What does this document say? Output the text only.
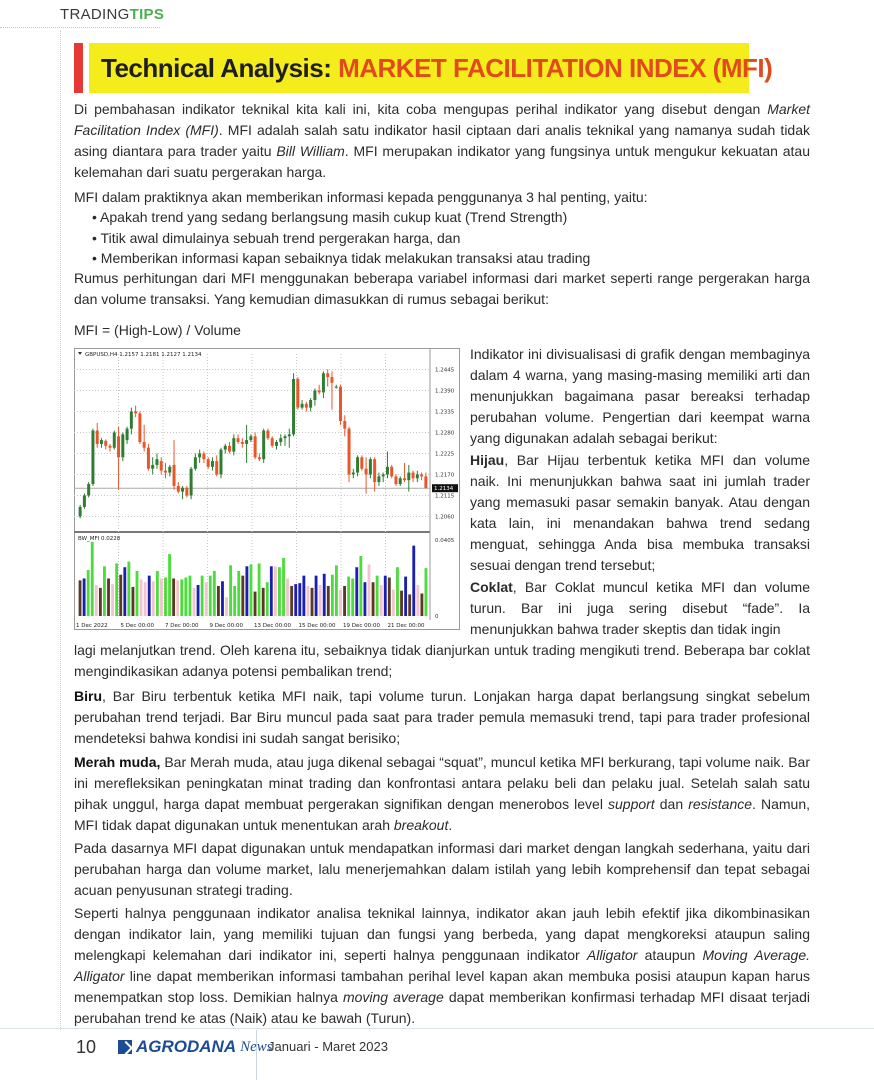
TRADINGTIPS
Technical Analysis: MARKET FACILITATION INDEX (MFI)
Di pembahasan indikator teknikal kita kali ini, kita coba mengupas perihal indikator yang disebut dengan Market Facilitation Index (MFI). MFI adalah salah satu indikator hasil ciptaan dari analis teknikal yang namanya sudah tidak asing diantara para trader yaitu Bill William. MFI merupakan indikator yang fungsinya untuk mengukur kekuatan atau kelemahan dari suatu pergerakan harga.
MFI dalam praktiknya akan memberikan informasi kepada penggunanya 3 hal penting, yaitu:
• Apakah trend yang sedang berlangsung masih cukup kuat (Trend Strength)
• Titik awal dimulainya sebuah trend pergerakan harga, dan
• Memberikan informasi kapan sebaiknya tidak melakukan transaksi atau trading
Rumus perhitungan dari MFI menggunakan beberapa variabel informasi dari market seperti range pergerakan harga dan volume transaksi. Yang kemudian dimasukkan di rumus sebagai berikut:
MFI = (High-Low) / Volume
1.2445
1.2390
1.2335
1.2280
1.2225
1.2170
1.2115
1.2060
1.2134
GBPUSD,H4 1.2157 1.2181 1.2127 1.2134
BW_MFI 0.0228	0.0405
0
1 Dec 2022 5 Dec 00:00 7 Dec 00:00 9 Dec 00:00 13 Dec 00:00 15 Dec 00:00 19 Dec 00:00 21 Dec 00:00
Indikator ini divisualisasi di grafik dengan membaginya dalam 4 warna, yang masing-masing memiliki arti dan menunjukkan bagaimana pasar bereaksi terhadap perubahan volume. Pengertian dari keempat warna yang digunakan adalah sebagai berikut:
Hijau, Bar Hijau terbentuk ketika MFI dan volume naik. Ini menunjukkan bahwa saat ini jumlah trader yang memasuki pasar semakin banyak. Atau dengan kata lain, ini menandakan bahwa trend sedang menguat, sehingga Anda bisa membuka transaksi sesuai dengan trend tersebut;
Coklat, Bar Coklat muncul ketika MFI dan volume turun. Bar ini juga sering disebut “fade”. Ia menunjukkan bahwa trader skeptis dan tidak ingin
lagi melanjutkan trend. Oleh karena itu, sebaiknya tidak dianjurkan untuk trading mengikuti trend. Beberapa bar coklat mengindikasikan adanya potensi pembalikan trend;
Biru, Bar Biru terbentuk ketika MFI naik, tapi volume turun. Lonjakan harga dapat berlangsung singkat sebelum perubahan trend terjadi. Bar Biru muncul pada saat para trader pemula memasuki trend, tapi para trader profesional mendeteksi bahwa kondisi ini sudah sangat berisiko;
Merah muda, Bar Merah muda, atau juga dikenal sebagai “squat”, muncul ketika MFI berkurang, tapi volume naik. Bar ini merefleksikan peningkatan minat trading dan konfrontasi antara pelaku beli dan pelaku jual. Setelah salah satu pihak unggul, harga dapat membuat pergerakan signifikan dengan menerobos level support dan resistance. Namun, MFI tidak dapat digunakan untuk menentukan arah breakout.
Pada dasarnya MFI dapat digunakan untuk mendapatkan informasi dari market dengan langkah sederhana, yaitu dari perubahan harga dan volume market, lalu menerjemahkan dalam istilah yang lebih komprehensif dan tepat sebagai acuan penyusunan strategi trading.
Seperti halnya penggunaan indikator analisa teknikal lainnya, indikator akan jauh lebih efektif jika dikombinasikan dengan indikator lain, yang memiliki tujuan dan fungsi yang berbeda, yang dapat mengkoreksi ataupun saling melengkapi kelemahan dari indikator ini, seperti halnya penggunaan indikator Alligator ataupun Moving Average. Alligator line dapat memberikan informasi tambahan perihal level kapan akan membuka posisi ataupun kapan harus menempatkan stop loss. Demikian halnya moving average dapat memberikan konfirmasi terhadap MFI disaat terjadi perubahan trend ke atas (Naik) atau ke bawah (Turun).
10 AGRODANA News
Januari - Maret 2023
